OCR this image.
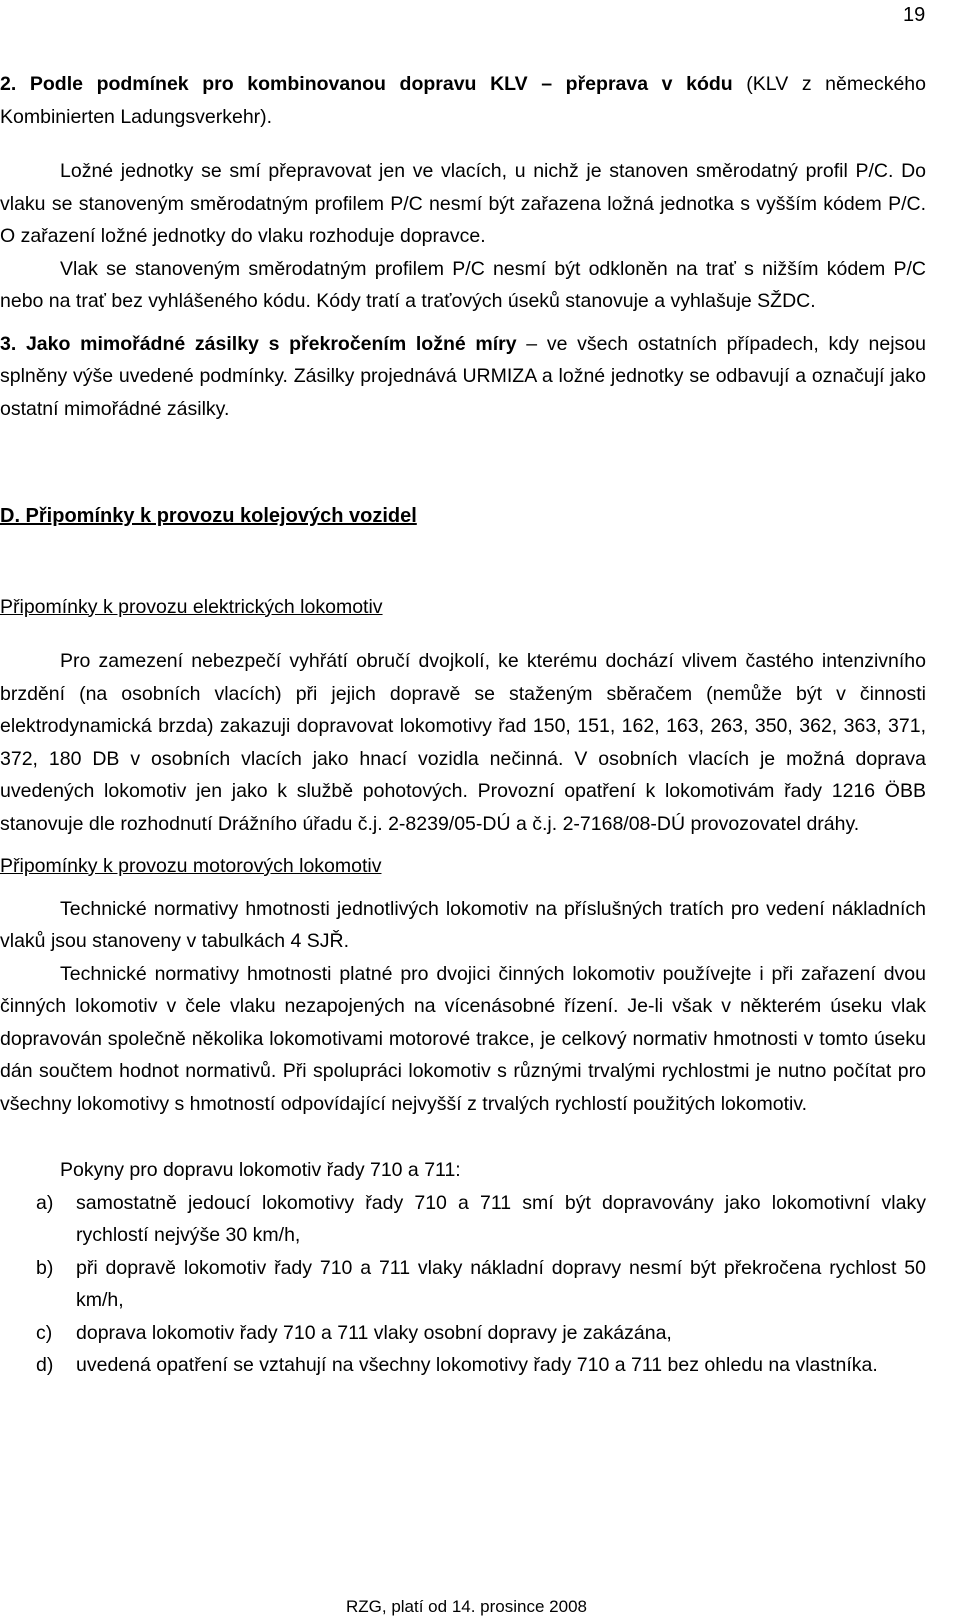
19

2. Podle podmínek pro kombinovanou dopravu KLV – přeprava v kódu (KLV z německého Kombinierten Ladungsverkehr).

Ložné jednotky se smí přepravovat jen ve vlacích, u nichž je stanoven směrodatný profil P/C. Do vlaku se stanoveným směrodatným profilem P/C nesmí být zařazena ložná jednotka s vyšším kódem P/C. O zařazení ložné jednotky do vlaku rozhoduje dopravce.

Vlak se stanoveným směrodatným profilem P/C nesmí být odkloněn na trať s nižším kódem P/C nebo na trať bez vyhlášeného kódu. Kódy tratí a traťových úseků stanovuje a vyhlašuje SŽDC.

3. Jako mimořádné zásilky s překročením ložné míry – ve všech ostatních případech, kdy nejsou splněny výše uvedené podmínky. Zásilky projednává URMIZA a ložné jednotky se odbavují a označují jako ostatní mimořádné zásilky.

D. Připomínky k provozu kolejových vozidel
Připomínky k provozu elektrických lokomotiv

Pro zamezení nebezpečí vyhřátí obručí dvojkolí, ke kterému dochází vlivem častého intenzivního brzdění (na osobních vlacích) při jejich dopravě se staženým sběračem (nemůže být v činnosti elektrodynamická brzda) zakazuji dopravovat lokomotivy řad 150, 151, 162, 163, 263, 350, 362, 363, 371, 372, 180 DB v osobních vlacích jako hnací vozidla nečinná. V osobních vlacích je možná doprava uvedených lokomotiv jen jako k službě pohotových. Provozní opatření k lokomotivám řady 1216 ÖBB stanovuje dle rozhodnutí Drážního úřadu č.j. 2-8239/05-DÚ a č.j. 2-7168/08-DÚ provozovatel dráhy.

Připomínky k provozu motorových lokomotiv

Technické normativy hmotnosti jednotlivých lokomotiv na příslušných tratích pro vedení nákladních vlaků jsou stanoveny v tabulkách 4 SJŘ.

Technické normativy hmotnosti platné pro dvojici činných lokomotiv používejte i při zařazení dvou činných lokomotiv v čele vlaku nezapojených na vícenásobné řízení. Je-li však v některém úseku vlak dopravován společně několika lokomotivami motorové trakce, je celkový normativ hmotnosti v tomto úseku dán součtem hodnot normativů. Při spolupráci lokomotiv s různými trvalými rychlostmi je nutno počítat pro všechny lokomotivy s hmotností odpovídající nejvyšší z trvalých rychlostí použitých lokomotiv.

Pokyny pro dopravu lokomotiv řady 710 a 711:

a) samostatně jedoucí lokomotivy řady 710 a 711 smí být dopravovány jako lokomotivní vlaky rychlostí nejvýše 30 km/h,
b) při dopravě lokomotiv řady 710 a 711 vlaky nákladní dopravy nesmí být překročena rychlost 50 km/h,
c) doprava lokomotiv řady 710 a 711 vlaky osobní dopravy je zakázána,
d) uvedená opatření se vztahují na všechny lokomotivy řady 710 a 711 bez ohledu na vlastníka.
RZG, platí od 14. prosince 2008
